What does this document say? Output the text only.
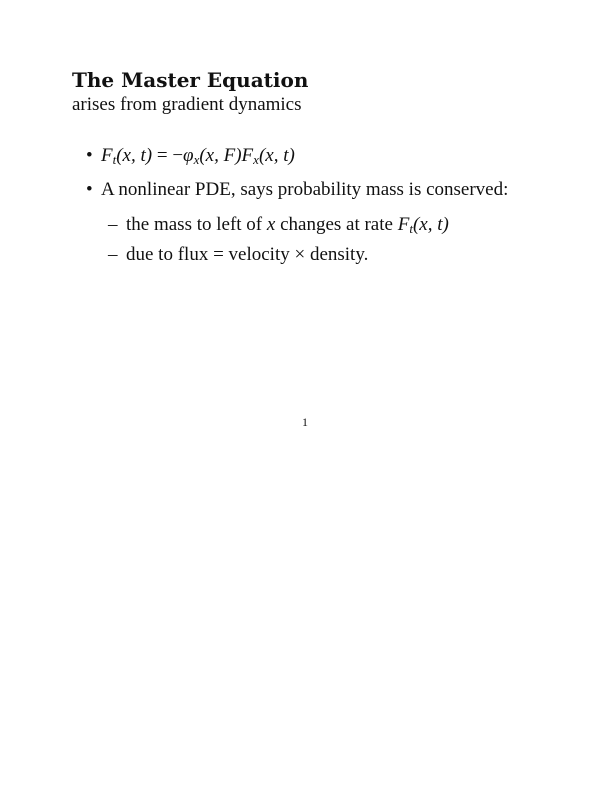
The Master Equation
arises from gradient dynamics
• $F_t(x$, $t) = -\varphi_x(x$, $F)F_x(x$, t)
• A nonlinear PDE, says probability mass is conserved:
– the mass to left of x changes at rate $F_t(x$, t)
– due to flux = velocity × density.
1
